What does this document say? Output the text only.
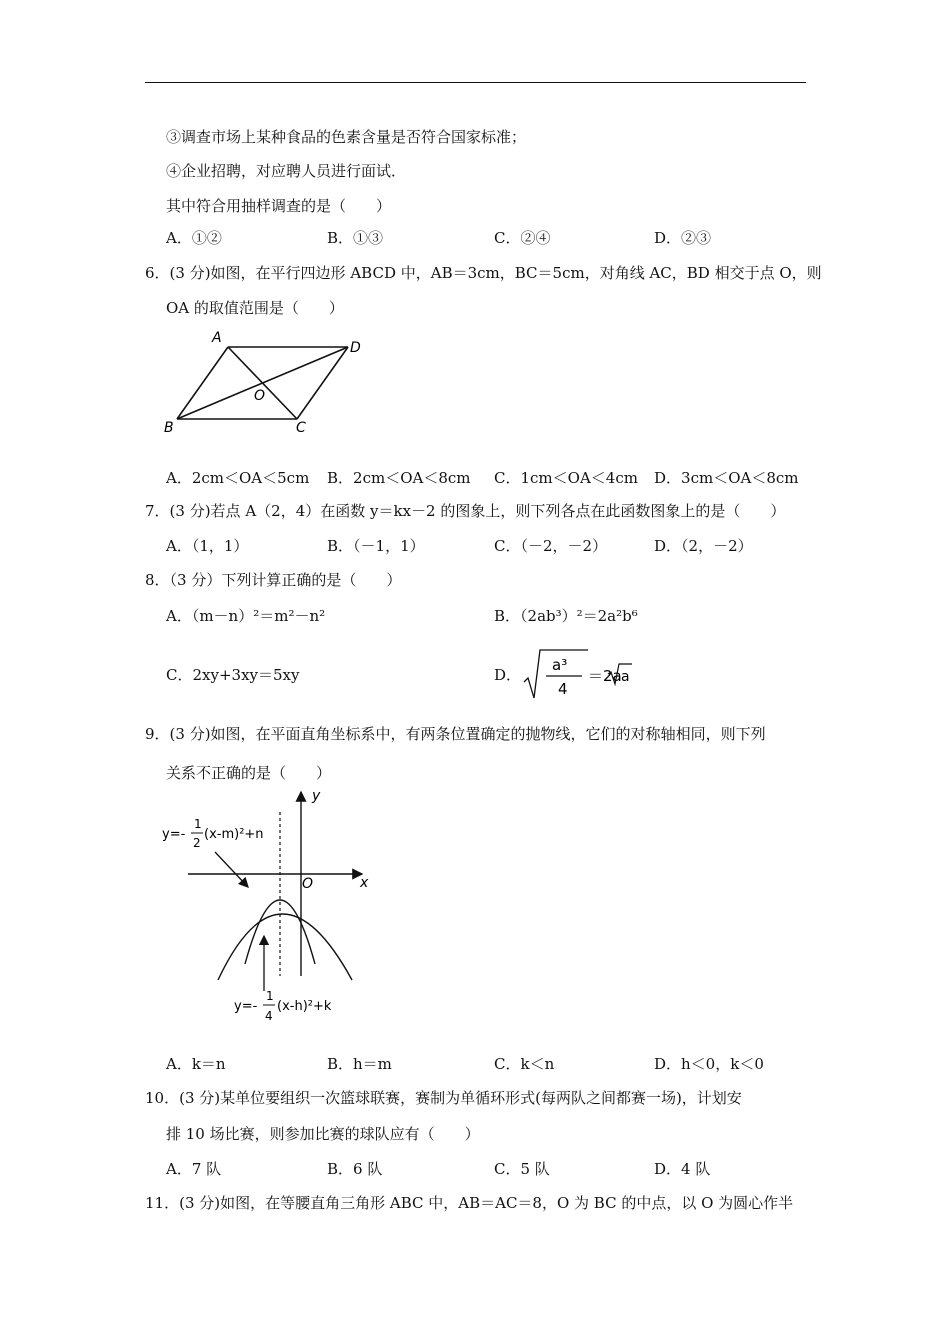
③调查市场上某种食品的色素含量是否符合国家标准；
④企业招聘，对应聘人员进行面试．
其中符合用抽样调查的是（　　）
A．①②	B．①③	C．②④	D．②③
6．(3 分)如图，在平行四边形 ABCD 中，AB＝3cm，BC＝5cm，对角线 AC，BD 相交于点 O，则
OA 的取值范围是（　　）
A
D
B	C
O
A．2cm＜OA＜5cm B．2cm＜OA＜8cm C．1cm＜OA＜4cm D．3cm＜OA＜8cm
7．(3 分)若点 A（2，4）在函数 y＝kx－2 的图象上，则下列各点在此函数图象上的是（　　）
A．（1，1）	B．（－1，1）	C．（－2，－2）	D．（2，－2）
8．（3 分）下列计算正确的是（　　）
A．（m－n）²＝m²－n²	B．（2ab³）²＝2a²b⁶
C．2xy+3xy＝5xy	D．
a³
4
＝2a a
9．(3 分)如图，在平面直角坐标系中，有两条位置确定的抛物线，它们的对称轴相同，则下列
关系不正确的是（　　）
y
x
O
y=-
1
2
(x-m)²+n
y=-
1
4
(x-h)²+k
A．k＝n	B．h＝m	C．k＜n	D．h＜0，k＜0
10．(3 分)某单位要组织一次篮球联赛，赛制为单循环形式(每两队之间都赛一场)，计划安
排 10 场比赛，则参加比赛的球队应有（　　）
A．7 队	B．6 队	C．5 队	D．4 队
11．(3 分)如图，在等腰直角三角形 ABC 中，AB＝AC＝8，O 为 BC 的中点，以 O 为圆心作半
